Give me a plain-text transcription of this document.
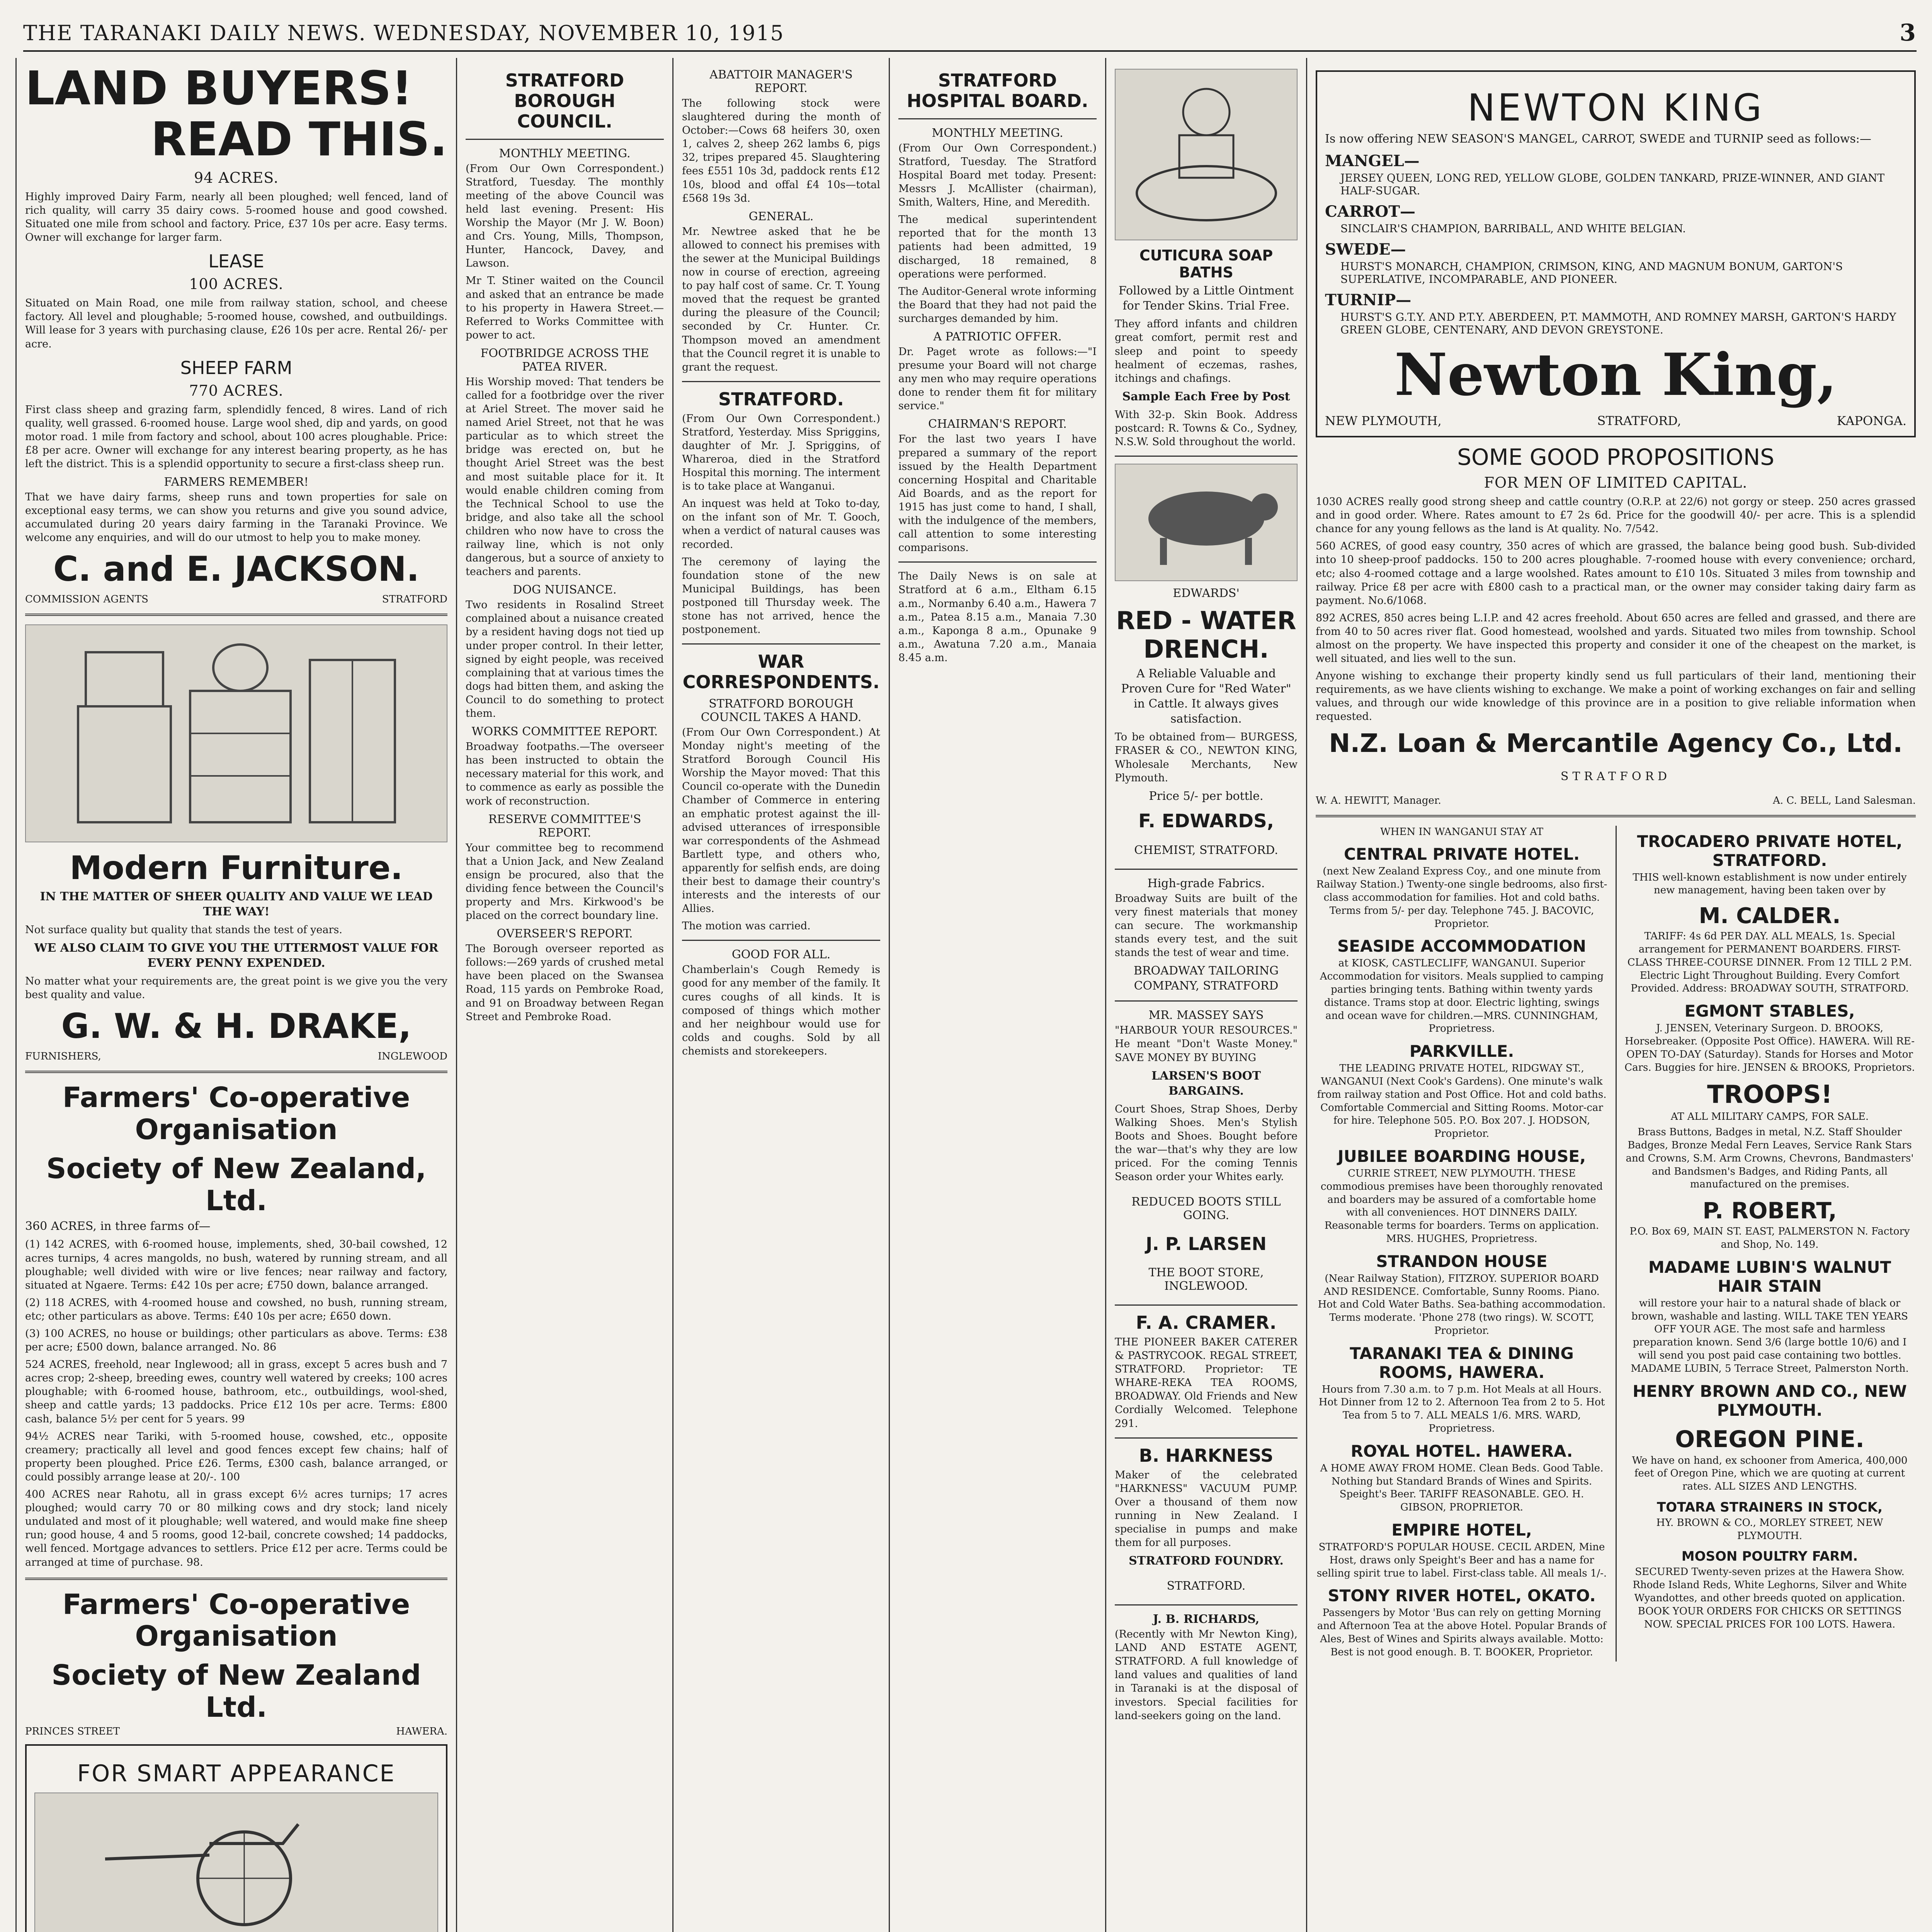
THE TARANAKI DAILY NEWS. WEDNESDAY, NOVEMBER 10, 1915	3
LAND BUYERS!
READ THIS.
94 ACRES.

Highly improved Dairy Farm, nearly all been ploughed; well fenced, land of rich quality, will carry 35 dairy cows. 5-roomed house and good cowshed. Situated one mile from school and factory. Price, £37 10s per acre. Easy terms. Owner will exchange for larger farm.

LEASE
100 ACRES.

Situated on Main Road, one mile from railway station, school, and cheese factory. All level and ploughable; 5-roomed house, cowshed, and outbuildings. Will lease for 3 years with purchasing clause, £26 10s per acre. Rental 26/- per acre.

SHEEP FARM
770 ACRES.

First class sheep and grazing farm, splendidly fenced, 8 wires. Land of rich quality, well grassed. 6-roomed house. Large wool shed, dip and yards, on good motor road. 1 mile from factory and school, about 100 acres ploughable. Price: £8 per acre. Owner will exchange for any interest bearing property, as he has left the district. This is a splendid opportunity to secure a first-class sheep run.

FARMERS REMEMBER!

That we have dairy farms, sheep runs and town properties for sale on exceptional easy terms, we can show you returns and give you sound advice, accumulated during 20 years dairy farming in the Taranaki Province. We welcome any enquiries, and will do our utmost to help you to make money.

C. and E. JACKSON.
COMMISSION AGENTS	STRATFORD
Modern Furniture.

IN THE MATTER OF SHEER QUALITY AND VALUE WE LEAD THE WAY!

Not surface quality but quality that stands the test of years.

WE ALSO CLAIM TO GIVE YOU THE UTTERMOST VALUE FOR EVERY PENNY EXPENDED.

No matter what your requirements are, the great point is we give you the very best quality and value.

G. W. & H. DRAKE,
FURNISHERS,	INGLEWOOD
Farmers' Co-operative Organisation
Society of New Zealand, Ltd.

360 ACRES, in three farms of—

(1) 142 ACRES, with 6-roomed house, implements, shed, 30-bail cowshed, 12 acres turnips, 4 acres mangolds, no bush, watered by running stream, and all ploughable; well divided with wire or live fences; near railway and factory, situated at Ngaere. Terms: £42 10s per acre; £750 down, balance arranged.

(2) 118 ACRES, with 4-roomed house and cowshed, no bush, running stream, etc; other particulars as above. Terms: £40 10s per acre; £650 down.

(3) 100 ACRES, no house or buildings; other particulars as above. Terms: £38 per acre; £500 down, balance arranged. No. 86

524 ACRES, freehold, near Inglewood; all in grass, except 5 acres bush and 7 acres crop; 2-sheep, breeding ewes, country well watered by creeks; 100 acres ploughable; with 6-roomed house, bathroom, etc., outbuildings, wool-shed, sheep and cattle yards; 13 paddocks. Price £12 10s per acre. Terms: £800 cash, balance 5½ per cent for 5 years. 99

94½ ACRES near Tariki, with 5-roomed house, cowshed, etc., opposite creamery; practically all level and good fences except few chains; half of property been ploughed. Price £26. Terms, £300 cash, balance arranged, or could possibly arrange lease at 20/-. 100

400 ACRES near Rahotu, all in grass except 6½ acres turnips; 17 acres ploughed; would carry 70 or 80 milking cows and dry stock; land nicely undulated and most of it ploughable; well watered, and would make fine sheep run; good house, 4 and 5 rooms, good 12-bail, concrete cowshed; 14 paddocks, well fenced. Mortgage advances to settlers. Price £12 per acre. Terms could be arranged at time of purchase. 98.

Farmers' Co-operative Organisation
Society of New Zealand Ltd.
PRINCES STREET	HAWERA.
FOR SMART APPEARANCE

STRATFORD BOROUGH COUNCIL.
MONTHLY MEETING.

(From Our Own Correspondent.) Stratford, Tuesday. The monthly meeting of the above Council was held last evening. Present: His Worship the Mayor (Mr J. W. Boon) and Crs. Young, Mills, Thompson, Hunter, Hancock, Davey, and Lawson.

Mr T. Stiner waited on the Council and asked that an entrance be made to his property in Hawera Street.—Referred to Works Committee with power to act.

FOOTBRIDGE ACROSS THE PATEA RIVER.

His Worship moved: That tenders be called for a footbridge over the river at Ariel Street. The mover said he named Ariel Street, not that he was particular as to which street the bridge was erected on, but he thought Ariel Street was the best and most suitable place for it. It would enable children coming from the Technical School to use the bridge, and also take all the school children who now have to cross the railway line, which is not only dangerous, but a source of anxiety to teachers and parents.

DOG NUISANCE.

Two residents in Rosalind Street complained about a nuisance created by a resident having dogs not tied up under proper control. In their letter, signed by eight people, was received complaining that at various times the dogs had bitten them, and asking the Council to do something to protect them.

WORKS COMMITTEE REPORT.

Broadway footpaths.—The overseer has been instructed to obtain the necessary material for this work, and to commence as early as possible the work of reconstruction.

RESERVE COMMITTEE'S REPORT.

Your committee beg to recommend that a Union Jack, and New Zealand ensign be procured, also that the dividing fence between the Council's property and Mrs. Kirkwood's be placed on the correct boundary line.

OVERSEER'S REPORT.

The Borough overseer reported as follows:—269 yards of crushed metal have been placed on the Swansea Road, 115 yards on Pembroke Road, and 91 on Broadway between Regan Street and Pembroke Road.

ABATTOIR MANAGER'S REPORT.

The following stock were slaughtered during the month of October:—Cows 68 heifers 30, oxen 1, calves 2, sheep 262 lambs 6, pigs 32, tripes prepared 45. Slaughtering fees £551 10s 3d, paddock rents £12 10s, blood and offal £4 10s—total £568 19s 3d.

GENERAL.

Mr. Newtree asked that he be allowed to connect his premises with the sewer at the Municipal Buildings now in course of erection, agreeing to pay half cost of same. Cr. T. Young moved that the request be granted during the pleasure of the Council; seconded by Cr. Hunter. Cr. Thompson moved an amendment that the Council regret it is unable to grant the request.

STRATFORD.

(From Our Own Correspondent.) Stratford, Yesterday. Miss Spriggins, daughter of Mr. J. Spriggins, of Whareroa, died in the Stratford Hospital this morning. The interment is to take place at Wanganui.

An inquest was held at Toko to-day, on the infant son of Mr. T. Gooch, when a verdict of natural causes was recorded.

The ceremony of laying the foundation stone of the new Municipal Buildings, has been postponed till Thursday week. The stone has not arrived, hence the postponement.

WAR CORRESPONDENTS.
STRATFORD BOROUGH COUNCIL TAKES A HAND.

(From Our Own Correspondent.) At Monday night's meeting of the Stratford Borough Council His Worship the Mayor moved: That this Council co-operate with the Dunedin Chamber of Commerce in entering an emphatic protest against the ill-advised utterances of irresponsible war correspondents of the Ashmead Bartlett type, and others who, apparently for selfish ends, are doing their best to damage their country's interests and the interests of our Allies.

The motion was carried.

GOOD FOR ALL.

Chamberlain's Cough Remedy is good for any member of the family. It cures coughs of all kinds. It is composed of things which mother and her neighbour would use for colds and coughs. Sold by all chemists and storekeepers.

STRATFORD HOSPITAL BOARD.
MONTHLY MEETING.

(From Our Own Correspondent.) Stratford, Tuesday. The Stratford Hospital Board met today. Present: Messrs J. McAllister (chairman), Smith, Walters, Hine, and Meredith.

The medical superintendent reported that for the month 13 patients had been admitted, 19 discharged, 18 remained, 8 operations were performed.

The Auditor-General wrote informing the Board that they had not paid the surcharges demanded by him.

A PATRIOTIC OFFER.

Dr. Paget wrote as follows:—"I presume your Board will not charge any men who may require operations done to render them fit for military service."

CHAIRMAN'S REPORT.

For the last two years I have prepared a summary of the report issued by the Health Department concerning Hospital and Charitable Aid Boards, and as the report for 1915 has just come to hand, I shall, with the indulgence of the members, call attention to some interesting comparisons.

The Daily News is on sale at Stratford at 6 a.m., Eltham 6.15 a.m., Normanby 6.40 a.m., Hawera 7 a.m., Patea 8.15 a.m., Manaia 7.30 a.m., Kaponga 8 a.m., Opunake 9 a.m., Awatuna 7.20 a.m., Manaia 8.45 a.m.

CUTICURA SOAP BATHS

Followed by a Little Ointment for Tender Skins. Trial Free.

They afford infants and children great comfort, permit rest and sleep and point to speedy healment of eczemas, rashes, itchings and chafings.

Sample Each Free by Post

With 32-p. Skin Book. Address postcard: R. Towns & Co., Sydney, N.S.W. Sold throughout the world.

EDWARDS'
RED - WATER DRENCH.

A Reliable Valuable and Proven Cure for "Red Water" in Cattle. It always gives satisfaction.

To be obtained from— BURGESS, FRASER & CO., NEWTON KING, Wholesale Merchants, New Plymouth.

Price 5/- per bottle.

F. EDWARDS,

CHEMIST, STRATFORD.

High-grade Fabrics.

Broadway Suits are built of the very finest materials that money can secure. The workmanship stands every test, and the suit stands the test of wear and time.

BROADWAY TAILORING COMPANY, STRATFORD

MR. MASSEY SAYS

"HARBOUR YOUR RESOURCES." He meant "Don't Waste Money." SAVE MONEY BY BUYING

LARSEN'S BOOT BARGAINS.

Court Shoes, Strap Shoes, Derby Walking Shoes. Men's Stylish Boots and Shoes. Bought before the war—that's why they are low priced. For the coming Tennis Season order your Whites early.

REDUCED BOOTS STILL GOING.

J. P. LARSEN

THE BOOT STORE, INGLEWOOD.

F. A. CRAMER.

THE PIONEER BAKER CATERER & PASTRYCOOK. REGAL STREET, STRATFORD. Proprietor: TE WHARE-REKA TEA ROOMS, BROADWAY. Old Friends and New Cordially Welcomed. Telephone 291.

B. HARKNESS

Maker of the celebrated "HARKNESS" VACUUM PUMP. Over a thousand of them now running in New Zealand. I specialise in pumps and make them for all purposes.

STRATFORD FOUNDRY.

STRATFORD.

J. B. RICHARDS,

(Recently with Mr Newton King), LAND AND ESTATE AGENT, STRATFORD. A full knowledge of land values and qualities of land in Taranaki is at the disposal of investors. Special facilities for land-seekers going on the land.

NEWTON KING

Is now offering NEW SEASON'S MANGEL, CARROT, SWEDE and TURNIP seed as follows:—

MANGEL—

JERSEY QUEEN, LONG RED, YELLOW GLOBE, GOLDEN TANKARD, PRIZE-WINNER, AND GIANT HALF-SUGAR.

CARROT—

SINCLAIR'S CHAMPION, BARRIBALL, AND WHITE BELGIAN.

SWEDE—

HURST'S MONARCH, CHAMPION, CRIMSON, KING, AND MAGNUM BONUM, GARTON'S SUPERLATIVE, INCOMPARABLE, AND PIONEER.

TURNIP—

HURST'S G.T.Y. AND P.T.Y. ABERDEEN, P.T. MAMMOTH, AND ROMNEY MARSH, GARTON'S HARDY GREEN GLOBE, CENTENARY, AND DEVON GREYSTONE.

Newton King,
NEW PLYMOUTH,	STRATFORD,	KAPONGA.
SOME GOOD PROPOSITIONS
FOR MEN OF LIMITED CAPITAL.

1030 ACRES really good strong sheep and cattle country (O.R.P. at 22/6) not gorgy or steep. 250 acres grassed and in good order. Where. Rates amount to £7 2s 6d. Price for the goodwill 40/- per acre. This is a splendid chance for any young fellows as the land is At quality. No. 7/542.

560 ACRES, of good easy country, 350 acres of which are grassed, the balance being good bush. Sub-divided into 10 sheep-proof paddocks. 150 to 200 acres ploughable. 7-roomed house with every convenience; orchard, etc; also 4-roomed cottage and a large woolshed. Rates amount to £10 10s. Situated 3 miles from township and railway. Price £8 per acre with £800 cash to a practical man, or the owner may consider taking dairy farm as payment. No.6/1068.

892 ACRES, 850 acres being L.I.P. and 42 acres freehold. About 650 acres are felled and grassed, and there are from 40 to 50 acres river flat. Good homestead, woolshed and yards. Situated two miles from township. School almost on the property. We have inspected this property and consider it one of the cheapest on the market, is well situated, and lies well to the sun.

Anyone wishing to exchange their property kindly send us full particulars of their land, mentioning their requirements, as we have clients wishing to exchange. We make a point of working exchanges on fair and selling values, and through our wide knowledge of this province are in a position to give reliable information when requested.

N.Z. Loan & Mercantile Agency Co., Ltd.

STRATFORD

W. A. HEWITT, Manager.	A. C. BELL, Land Salesman.

WHEN IN WANGANUI STAY AT

CENTRAL PRIVATE HOTEL.

(next New Zealand Express Coy., and one minute from Railway Station.) Twenty-one single bedrooms, also first-class accommodation for families. Hot and cold baths. Terms from 5/- per day. Telephone 745. J. BACOVIC, Proprietor.

SEASIDE ACCOMMODATION

at KIOSK, CASTLECLIFF, WANGANUI. Superior Accommodation for visitors. Meals supplied to camping parties bringing tents. Bathing within twenty yards distance. Trams stop at door. Electric lighting, swings and ocean wave for children.—MRS. CUNNINGHAM, Proprietress.

PARKVILLE.

THE LEADING PRIVATE HOTEL, RIDGWAY ST., WANGANUI (Next Cook's Gardens). One minute's walk from railway station and Post Office. Hot and cold baths. Comfortable Commercial and Sitting Rooms. Motor-car for hire. Telephone 505. P.O. Box 207. J. HODSON, Proprietor.

JUBILEE BOARDING HOUSE,

CURRIE STREET, NEW PLYMOUTH. THESE commodious premises have been thoroughly renovated and boarders may be assured of a comfortable home with all conveniences. HOT DINNERS DAILY. Reasonable terms for boarders. Terms on application. MRS. HUGHES, Proprietress.

STRANDON HOUSE

(Near Railway Station), FITZROY. SUPERIOR BOARD AND RESIDENCE. Comfortable, Sunny Rooms. Piano. Hot and Cold Water Baths. Sea-bathing accommodation. Terms moderate. 'Phone 278 (two rings). W. SCOTT, Proprietor.

TARANAKI TEA & DINING ROOMS, HAWERA.

Hours from 7.30 a.m. to 7 p.m. Hot Meals at all Hours. Hot Dinner from 12 to 2. Afternoon Tea from 2 to 5. Hot Tea from 5 to 7. ALL MEALS 1/6. MRS. WARD, Proprietress.

ROYAL HOTEL. HAWERA.

A HOME AWAY FROM HOME. Clean Beds. Good Table. Nothing but Standard Brands of Wines and Spirits. Speight's Beer. TARIFF REASONABLE. GEO. H. GIBSON, PROPRIETOR.

EMPIRE HOTEL,

STRATFORD'S POPULAR HOUSE. CECIL ARDEN, Mine Host, draws only Speight's Beer and has a name for selling spirit true to label. First-class table. All meals 1/-.

STONY RIVER HOTEL, OKATO.

Passengers by Motor 'Bus can rely on getting Morning and Afternoon Tea at the above Hotel. Popular Brands of Ales, Best of Wines and Spirits always available. Motto: Best is not good enough. B. T. BOOKER, Proprietor.

TROCADERO PRIVATE HOTEL, STRATFORD.

THIS well-known establishment is now under entirely new management, having been taken over by

M. CALDER.

TARIFF: 4s 6d PER DAY. ALL MEALS, 1s. Special arrangement for PERMANENT BOARDERS. FIRST-CLASS THREE-COURSE DINNER. From 12 TILL 2 P.M. Electric Light Throughout Building. Every Comfort Provided. Address: BROADWAY SOUTH, STRATFORD.

EGMONT STABLES,

J. JENSEN, Veterinary Surgeon. D. BROOKS, Horsebreaker. (Opposite Post Office). HAWERA. Will RE-OPEN TO-DAY (Saturday). Stands for Horses and Motor Cars. Buggies for hire. JENSEN & BROOKS, Proprietors.

TROOPS!

AT ALL MILITARY CAMPS, FOR SALE.

Brass Buttons, Badges in metal, N.Z. Staff Shoulder Badges, Bronze Medal Fern Leaves, Service Rank Stars and Crowns, S.M. Arm Crowns, Chevrons, Bandmasters' and Bandsmen's Badges, and Riding Pants, all manufactured on the premises.

P. ROBERT,

P.O. Box 69, MAIN ST. EAST, PALMERSTON N. Factory and Shop, No. 149.

MADAME LUBIN'S WALNUT HAIR STAIN

will restore your hair to a natural shade of black or brown, washable and lasting. WILL TAKE TEN YEARS OFF YOUR AGE. The most safe and harmless preparation known. Send 3/6 (large bottle 10/6) and I will send you post paid case containing two bottles. MADAME LUBIN, 5 Terrace Street, Palmerston North.

HENRY BROWN AND CO., NEW PLYMOUTH.
OREGON PINE.

We have on hand, ex schooner from America, 400,000 feet of Oregon Pine, which we are quoting at current rates. ALL SIZES AND LENGTHS.

TOTARA STRAINERS IN STOCK,

HY. BROWN & CO., MORLEY STREET, NEW PLYMOUTH.

MOSON POULTRY FARM.

SECURED Twenty-seven prizes at the Hawera Show. Rhode Island Reds, White Leghorns, Silver and White Wyandottes, and other breeds quoted on application. BOOK YOUR ORDERS FOR CHICKS OR SETTINGS NOW. SPECIAL PRICES FOR 100 LOTS. Hawera.
